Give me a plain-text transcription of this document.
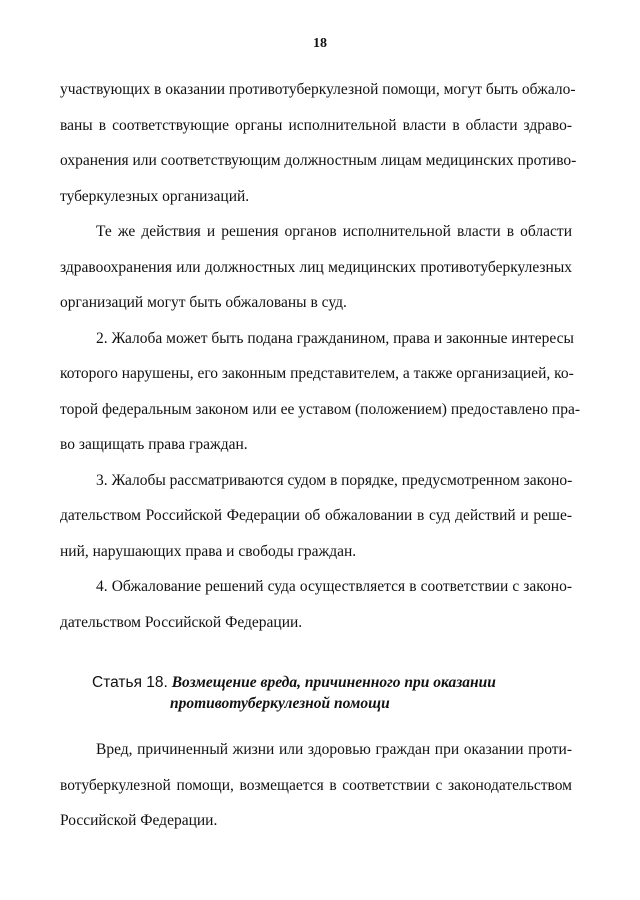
18
участвующих в оказании противотуберкулезной помощи, могут быть обжало-
ваны в соответствующие органы исполнительной власти в области здраво-
охранения или соответствующим должностным лицам медицинских противо-
туберкулезных организаций.
Те же действия и решения органов исполнительной власти в области
здравоохранения или должностных лиц медицинских противотуберкулезных
организаций могут быть обжалованы в суд.
2. Жалоба может быть подана гражданином, права и законные интересы
которого нарушены, его законным представителем, а также организацией, ко-
торой федеральным законом или ее уставом (положением) предоставлено пра-
во защищать права граждан.
3. Жалобы рассматриваются судом в порядке, предусмотренном законо-
дательством Российской Федерации об обжаловании в суд действий и реше-
ний, нарушающих права и свободы граждан.
4. Обжалование решений суда осуществляется в соответствии с законо-
дательством Российской Федерации.
Статья 18. Возмещение вреда, причиненного при оказании
противотуберкулезной помощи
Вред, причиненный жизни или здоровью граждан при оказании проти-
вотуберкулезной помощи, возмещается в соответствии с законодательством
Российской Федерации.
